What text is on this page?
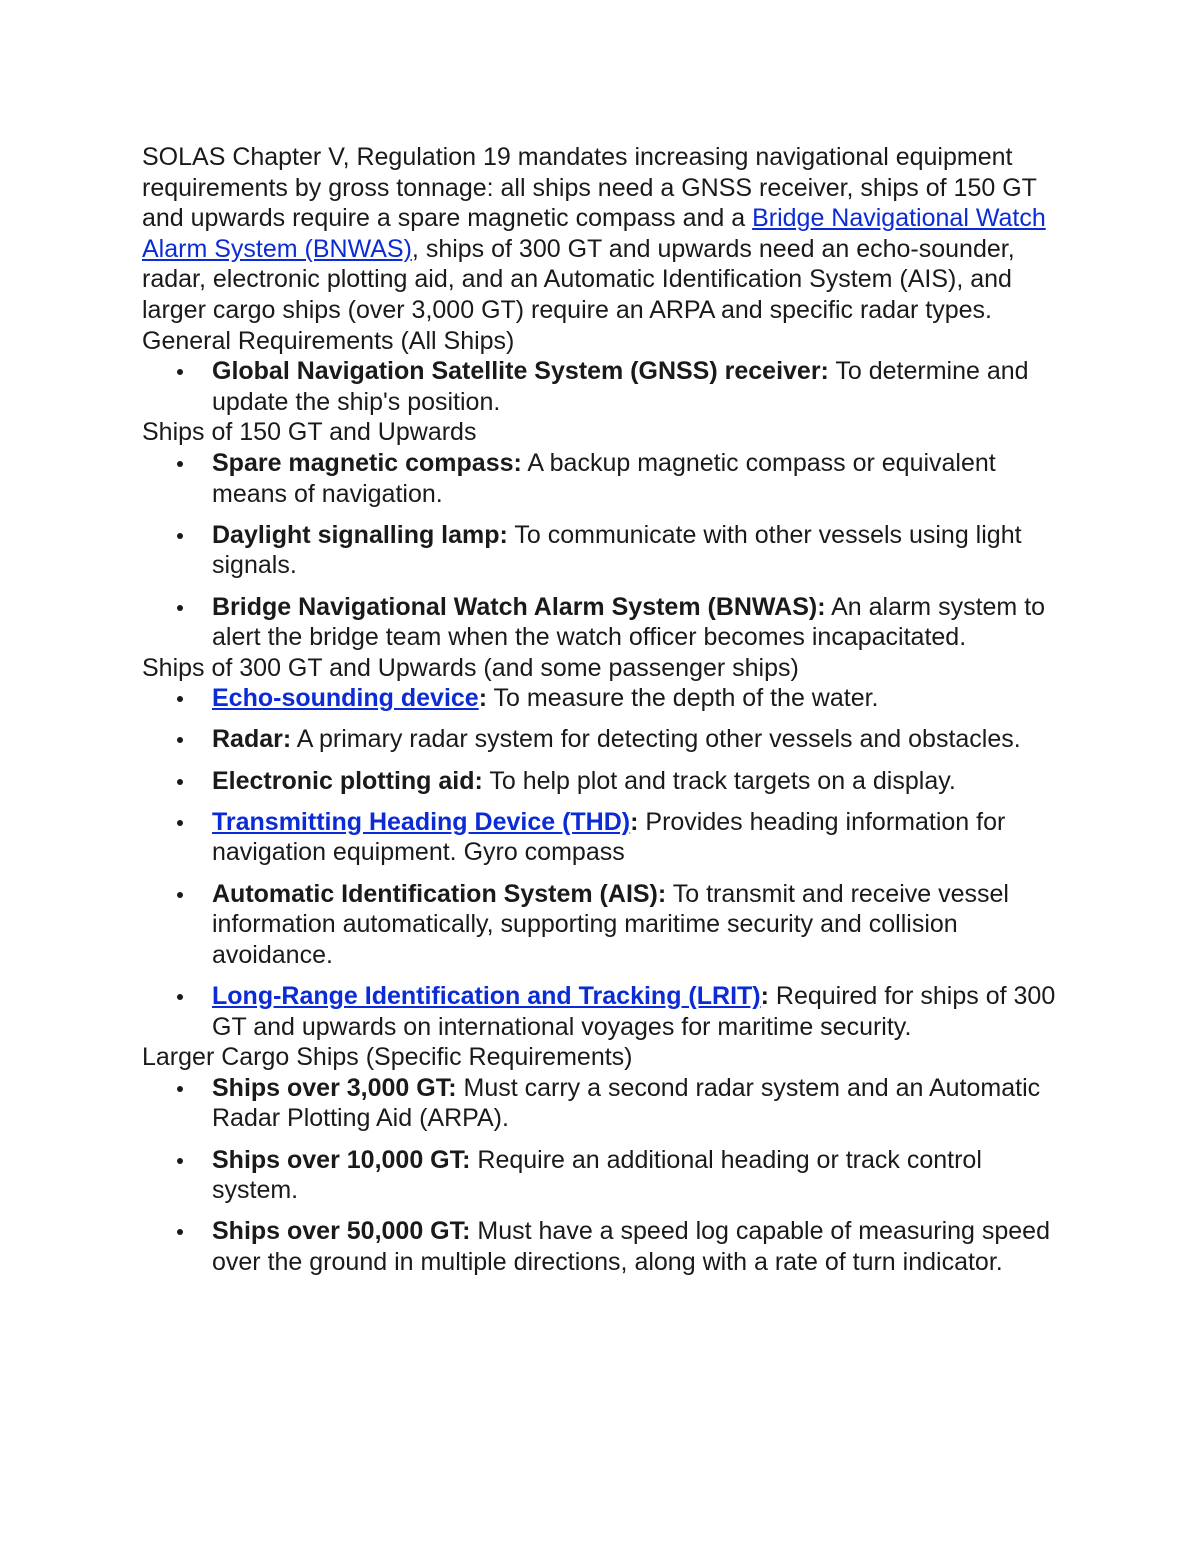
SOLAS Chapter V, Regulation 19 mandates increasing navigational equipment requirements by gross tonnage: all ships need a GNSS receiver, ships of 150 GT and upwards require a spare magnetic compass and a Bridge Navigational Watch Alarm System (BNWAS), ships of 300 GT and upwards need an echo-sounder, radar, electronic plotting aid, and an Automatic Identification System (AIS), and larger cargo ships (over 3,000 GT) require an ARPA and specific radar types.

General Requirements (All Ships)

Global Navigation Satellite System (GNSS) receiver: To determine and update the ship's position.

Ships of 150 GT and Upwards

Spare magnetic compass: A backup magnetic compass or equivalent means of navigation.
Daylight signalling lamp: To communicate with other vessels using light signals.
Bridge Navigational Watch Alarm System (BNWAS): An alarm system to alert the bridge team when the watch officer becomes incapacitated.

Ships of 300 GT and Upwards (and some passenger ships)

Echo-sounding device: To measure the depth of the water.
Radar: A primary radar system for detecting other vessels and obstacles.
Electronic plotting aid: To help plot and track targets on a display.
Transmitting Heading Device (THD): Provides heading information for navigation equipment. Gyro compass
Automatic Identification System (AIS): To transmit and receive vessel information automatically, supporting maritime security and collision avoidance.
Long-Range Identification and Tracking (LRIT): Required for ships of 300 GT and upwards on international voyages for maritime security.

Larger Cargo Ships (Specific Requirements)

Ships over 3,000 GT: Must carry a second radar system and an Automatic Radar Plotting Aid (ARPA).
Ships over 10,000 GT: Require an additional heading or track control system.
Ships over 50,000 GT: Must have a speed log capable of measuring speed over the ground in multiple directions, along with a rate of turn indicator.
